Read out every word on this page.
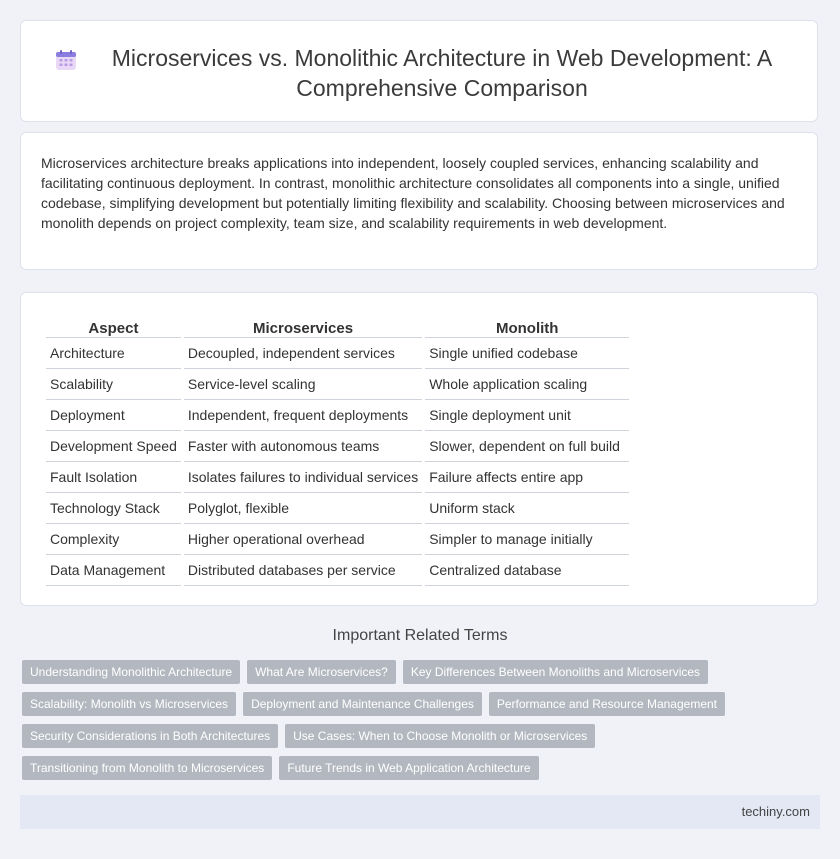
Microservices vs. Monolithic Architecture in Web Development: A Comprehensive Comparison

Microservices architecture breaks applications into independent, loosely coupled services, enhancing scalability and facilitating continuous deployment. In contrast, monolithic architecture consolidates all components into a single, unified codebase, simplifying development but potentially limiting flexibility and scalability. Choosing between microservices and monolith depends on project complexity, team size, and scalability requirements in web development.

Aspect	Microservices	Monolith
Architecture	Decoupled, independent services	Single unified codebase
Scalability	Service-level scaling	Whole application scaling
Deployment	Independent, frequent deployments	Single deployment unit
Development Speed	Faster with autonomous teams	Slower, dependent on full build
Fault Isolation	Isolates failures to individual services	Failure affects entire app
Technology Stack	Polyglot, flexible	Uniform stack
Complexity	Higher operational overhead	Simpler to manage initially
Data Management	Distributed databases per service	Centralized database
Important Related Terms
Understanding Monolithic Architecture	What Are Microservices?	Key Differences Between Monoliths and Microservices
Scalability: Monolith vs Microservices	Deployment and Maintenance Challenges	Performance and Resource Management
Security Considerations in Both Architectures	Use Cases: When to Choose Monolith or Microservices
Transitioning from Monolith to Microservices	Future Trends in Web Application Architecture
techiny.com
